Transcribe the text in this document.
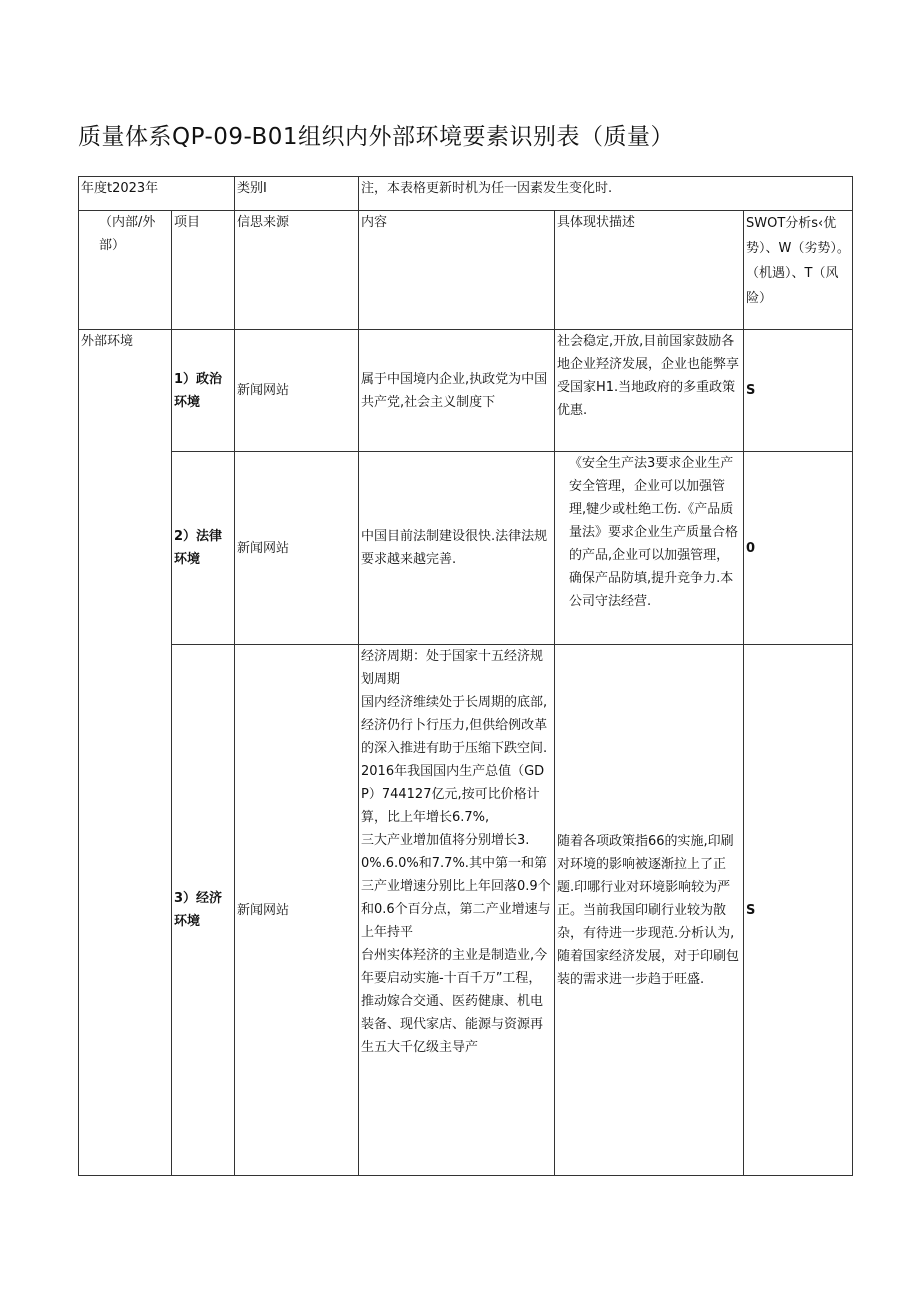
质量体系QP-09-B01组织内外部环境要素识别表（质量）
年度t2023年		类别I	注，本表格更新时机为任一因素发生变化时.		

（内部/外部）	项目	信思来源	内容	具体现状描述	SWOT分析s‹优势）、W（劣势）。（机遇）、T（风险）
外部环境	1）政治环境	新闻网站	属于中国境内企业,执政党为中国共产党,社会主义制度下	社会稳定,开放,目前国家鼓励各地企业羟济发展，企业也能弊享受国家H1.当地政府的多重政策优惠.	S
	2）法律环境	新闻网站	中国目前法制建设很快.法律法规要求越来越完善.	《安全生产法3要求企业生产安全管理，企业可以加强管理,犍少或杜绝工伤.《产品质量法》要求企业生产质量合格的产品,企业可以加强管理，确保产品防填,提升竞争力.本公司守法经营.	0
	3）经济环境	新闻网站	经济周期：处于国家十五经济规划周期
国内经济维续处于长周期的底部,经济仍行卜行压力,但供给例改革的深入推进有助于压缩下跌空间.2016年我国国内生产总值（GDP）744127亿元,按可比价格计算，比上年增长6.7%,
三大产业增加值将分别增长3.0%.6.0%和7.7%.其中第一和第三产业增速分别比上年回落0.9个和0.6个百分点，第二产业增速与上年持平
台州实体羟济的主业是制造业,今年要启动实施-十百千万”工程，推动嫁合交通、医药健康、机电装备、现代家店、能源与资源再生五大千亿级主导产	随着各项政策指66的实施,印刷对环境的影响被逐渐拉上了正题.印哪行业对环境影响较为严正。当前我国印刷行业较为散杂，有待进一步现范.分析认为,随着国家经济发展，对于印刷包装的需求进一步趋于旺盛.	S
